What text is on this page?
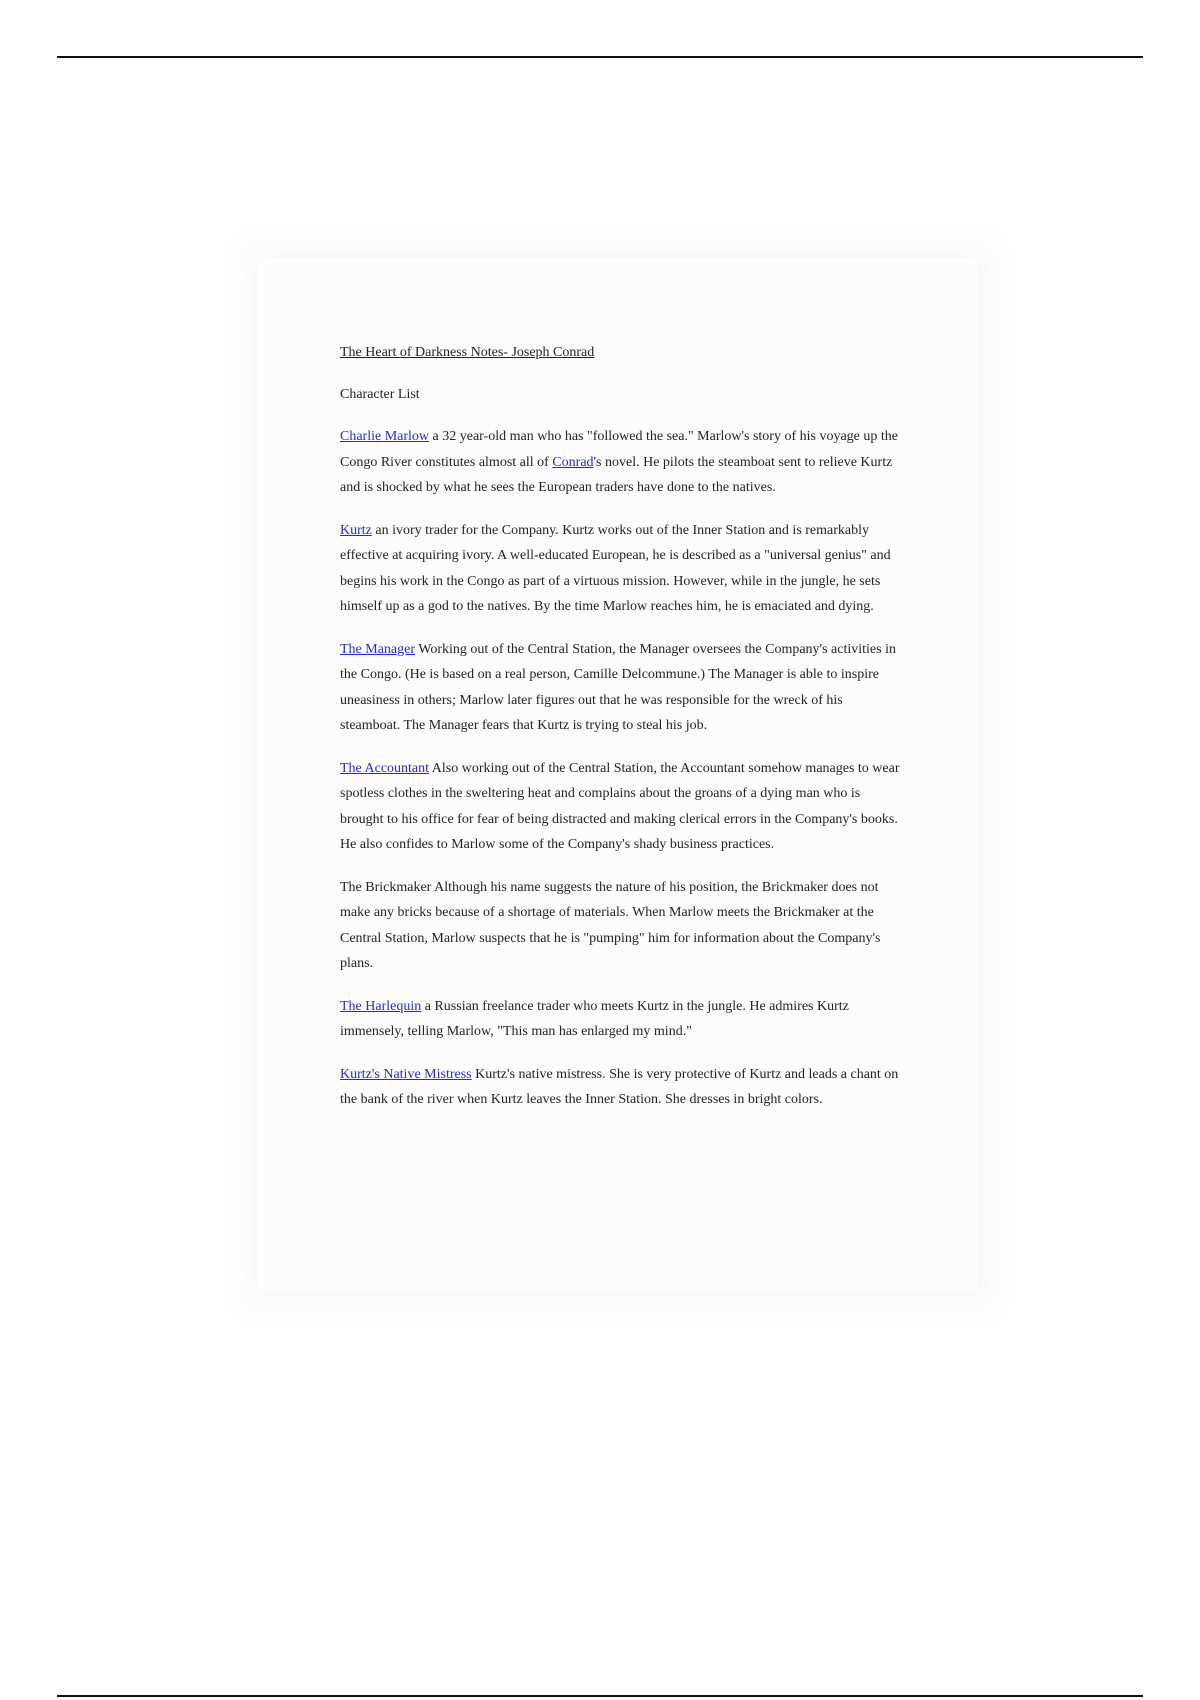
The Heart of Darkness Notes- Joseph Conrad

Character List

Charlie Marlow a 32 year-old man who has "followed the sea." Marlow's story of his voyage up the Congo River constitutes almost all of Conrad's novel. He pilots the steamboat sent to relieve Kurtz and is shocked by what he sees the European traders have done to the natives.

Kurtz an ivory trader for the Company. Kurtz works out of the Inner Station and is remarkably effective at acquiring ivory. A well-educated European, he is described as a "universal genius" and begins his work in the Congo as part of a virtuous mission. However, while in the jungle, he sets himself up as a god to the natives. By the time Marlow reaches him, he is emaciated and dying.

The Manager Working out of the Central Station, the Manager oversees the Company's activities in the Congo. (He is based on a real person, Camille Delcommune.) The Manager is able to inspire uneasiness in others; Marlow later figures out that he was responsible for the wreck of his steamboat. The Manager fears that Kurtz is trying to steal his job.

The Accountant Also working out of the Central Station, the Accountant somehow manages to wear spotless clothes in the sweltering heat and complains about the groans of a dying man who is brought to his office for fear of being distracted and making clerical errors in the Company's books. He also confides to Marlow some of the Company's shady business practices.

The Brickmaker Although his name suggests the nature of his position, the Brickmaker does not make any bricks because of a shortage of materials. When Marlow meets the Brickmaker at the Central Station, Marlow suspects that he is "pumping" him for information about the Company's plans.

The Harlequin a Russian freelance trader who meets Kurtz in the jungle. He admires Kurtz immensely, telling Marlow, "This man has enlarged my mind."

Kurtz's Native Mistress Kurtz's native mistress. She is very protective of Kurtz and leads a chant on the bank of the river when Kurtz leaves the Inner Station. She dresses in bright colors.
